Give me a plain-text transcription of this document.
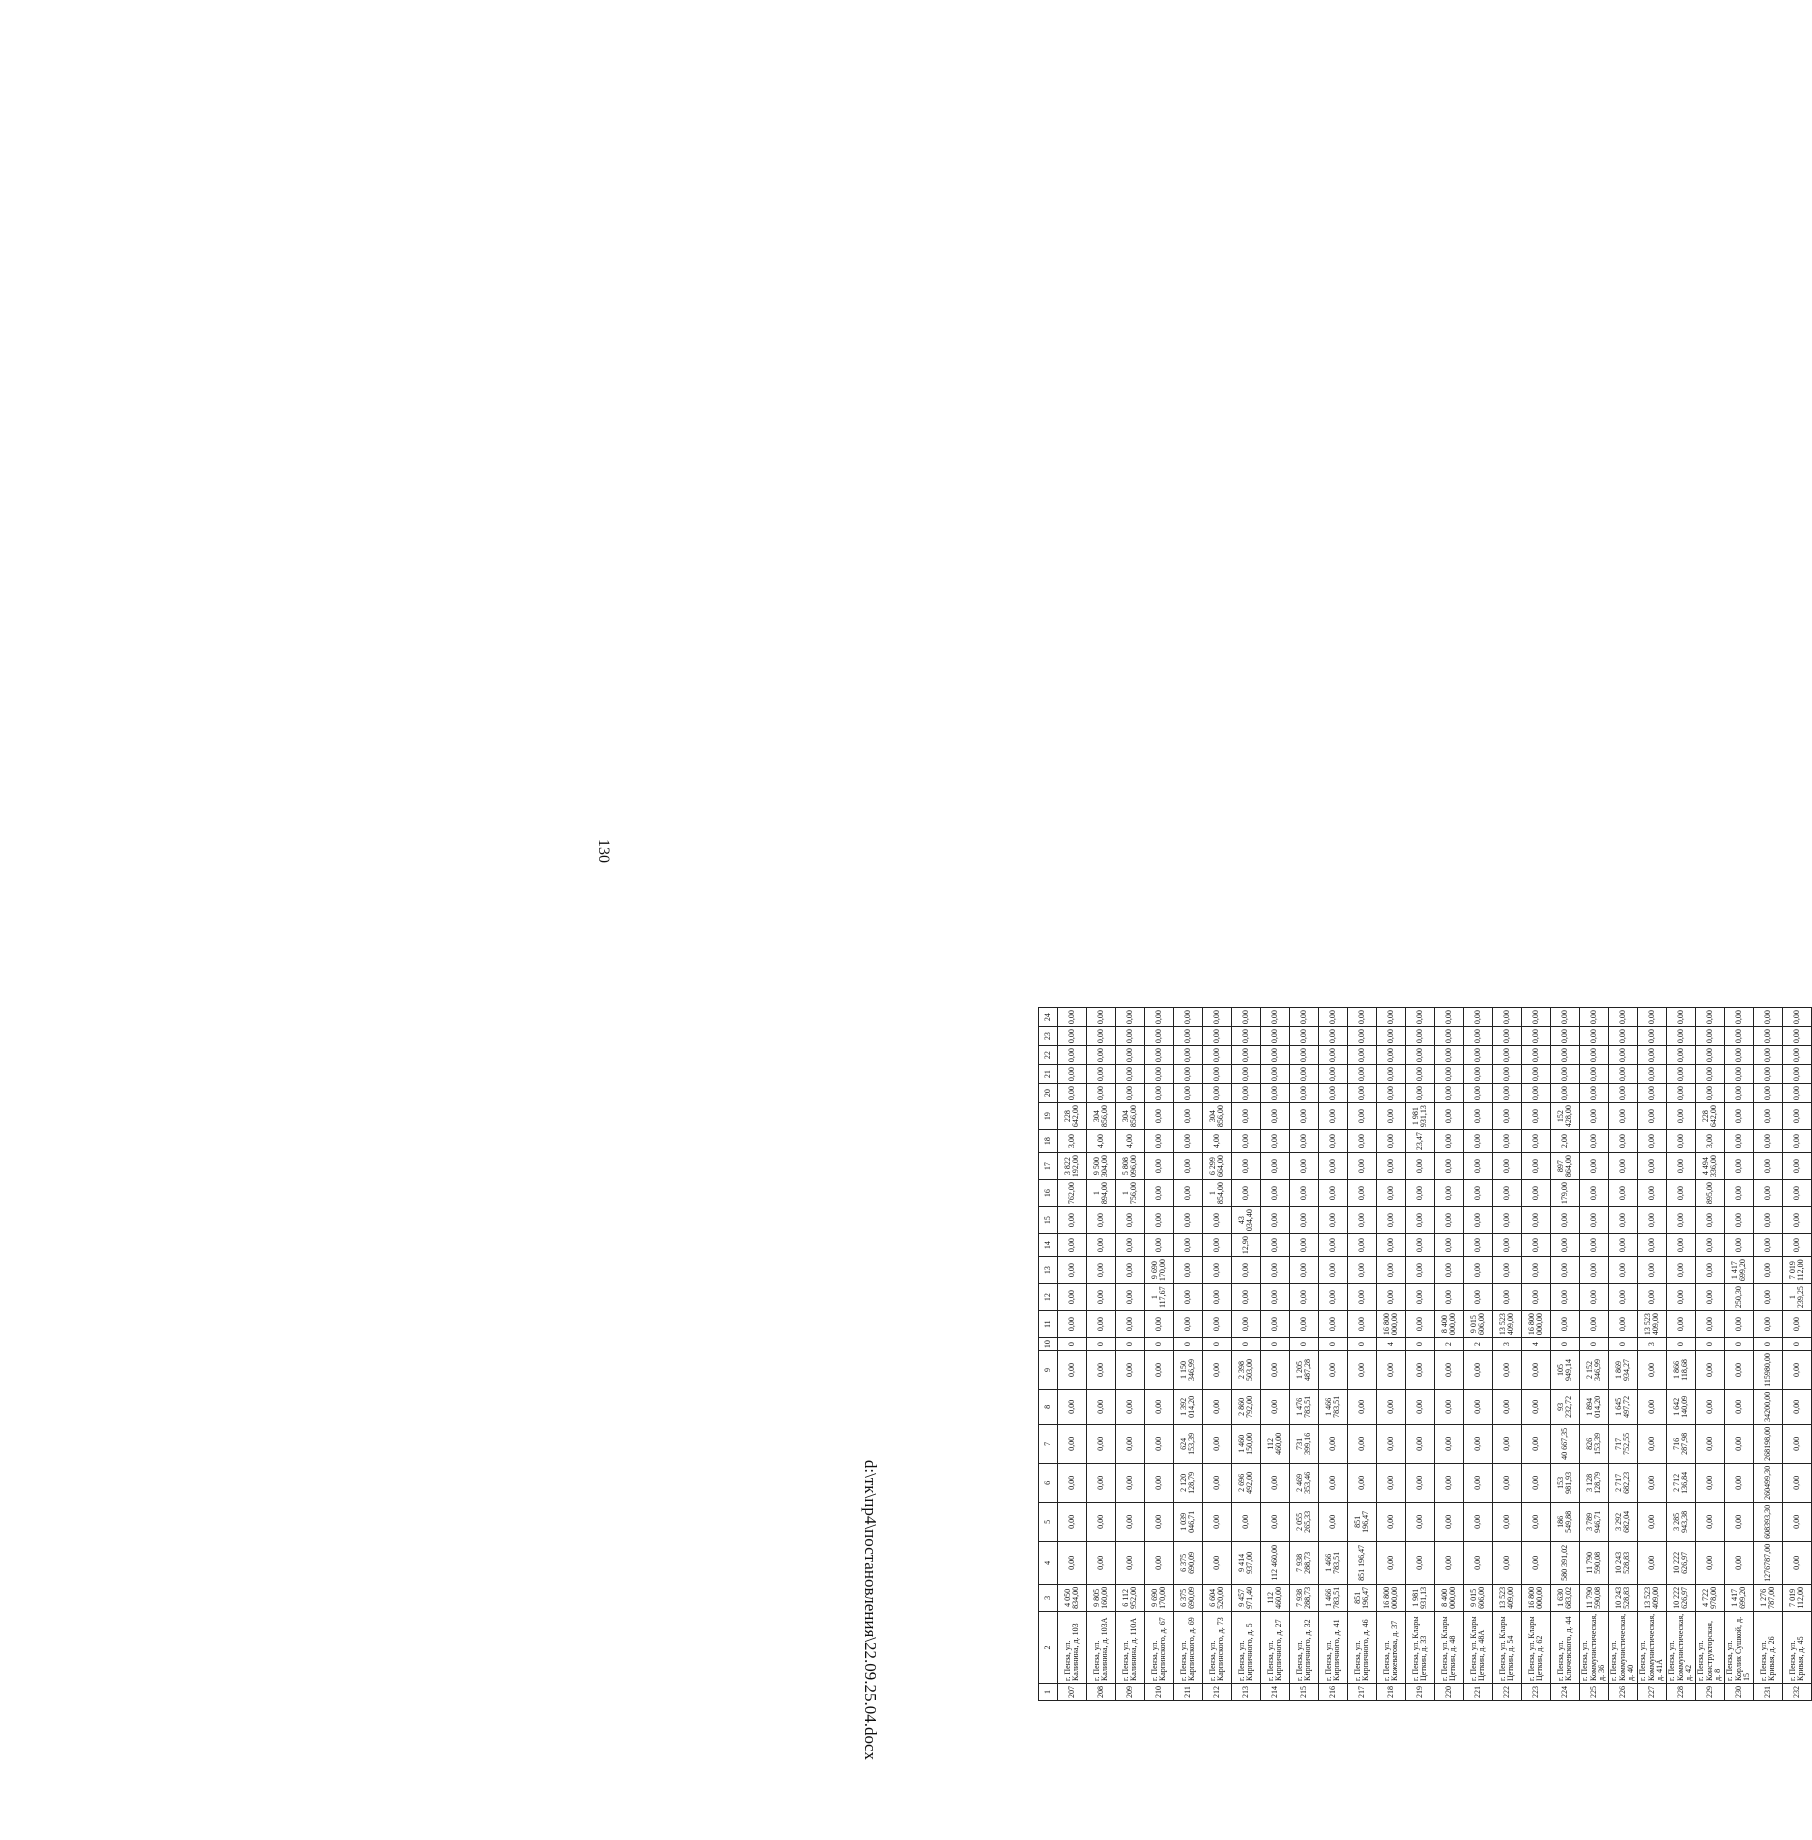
130
1	2	3	4	5	6	7	8	9	10	11	12	13	14	15	16	17	18	19	20	21	22	23	24
207	г. Пенза, ул. Калинина, д. 103	4 050 834,00	0,00	0,00	0,00	0,00	0,00	0,00	0	0,00	0,00	0,00	0,00	0,00	762,00	3 822 192,00	3,00	228 642,00	0,00	0,00	0,00	0,00	0,00
208	г. Пенза, ул. Калинина, д. 103А	9 805 160,00	0,00	0,00	0,00	0,00	0,00	0,00	0	0,00	0,00	0,00	0,00	0,00	1 894,00	9 500 304,00	4,00	304 856,00	0,00	0,00	0,00	0,00	0,00
209	г. Пенза, ул. Калинина, д. 110А	6 112 952,00	0,00	0,00	0,00	0,00	0,00	0,00	0	0,00	0,00	0,00	0,00	0,00	1 756,00	5 808 096,00	4,00	304 856,00	0,00	0,00	0,00	0,00	0,00
210	г. Пенза, ул. Карпинского, д. 67	9 690 170,00	0,00	0,00	0,00	0,00	0,00	0,00	0	0,00	1 117,67	9 690 170,00	0,00	0,00	0,00	0,00	0,00	0,00	0,00	0,00	0,00	0,00	0,00
211	г. Пенза, ул. Карпинского, д. 69	6 375 690,09	6 375 690,09	1 039 046,71	2 120 128,79	624 153,39	1 392 014,20	1 150 346,99	0	0,00	0,00	0,00	0,00	0,00	0,00	0,00	0,00	0,00	0,00	0,00	0,00	0,00	0,00
212	г. Пенза, ул. Карпинского, д. 73	6 604 520,00	0,00	0,00	0,00	0,00	0,00	0,00	0	0,00	0,00	0,00	0,00	0,00	1 854,00	6 299 664,00	4,00	304 856,00	0,00	0,00	0,00	0,00	0,00
213	г. Пенза, ул. Кирпичного, д. 5	9 457 971,40	9 414 937,00	0,00	2 696 492,00	1 460 150,00	2 860 792,00	2 398 503,00	0	0,00	0,00	0,00	12,90	43 034,40	0,00	0,00	0,00	0,00	0,00	0,00	0,00	0,00	0,00
214	г. Пенза, ул. Кирпичного, д. 27	112 460,00	112 460,00	0,00	0,00	112 460,00	0,00	0,00	0	0,00	0,00	0,00	0,00	0,00	0,00	0,00	0,00	0,00	0,00	0,00	0,00	0,00	0,00
215	г. Пенза, ул. Кирпичного, д. 32	7 938 288,73	7 938 288,73	2 055 265,33	2 469 353,46	731 399,16	1 476 783,51	1 205 487,28	0	0,00	0,00	0,00	0,00	0,00	0,00	0,00	0,00	0,00	0,00	0,00	0,00	0,00	0,00
216	г. Пенза, ул. Кирпичного, д. 41	1 466 783,51	1 466 783,51	0,00	0,00	0,00	1 466 783,51	0,00	0	0,00	0,00	0,00	0,00	0,00	0,00	0,00	0,00	0,00	0,00	0,00	0,00	0,00	0,00
217	г. Пенза, ул. Кирпичного, д. 46	851 196,47	851 196,47	851 196,47	0,00	0,00	0,00	0,00	0	0,00	0,00	0,00	0,00	0,00	0,00	0,00	0,00	0,00	0,00	0,00	0,00	0,00	0,00
218	г. Пенза, ул. Кижеватова, д. 37	16 800 000,00	0,00	0,00	0,00	0,00	0,00	0,00	4	16 800 000,00	0,00	0,00	0,00	0,00	0,00	0,00	0,00	0,00	0,00	0,00	0,00	0,00	0,00
219	г. Пенза, ул. Клары Цеткин, д. 33	1 981 931,13	0,00	0,00	0,00	0,00	0,00	0,00	0	0,00	0,00	0,00	0,00	0,00	0,00	0,00	23,47	1 981 931,13	0,00	0,00	0,00	0,00	0,00
220	г. Пенза, ул. Клары Цеткин, д. 48	8 400 000,00	0,00	0,00	0,00	0,00	0,00	0,00	2	8 400 000,00	0,00	0,00	0,00	0,00	0,00	0,00	0,00	0,00	0,00	0,00	0,00	0,00	0,00
221	г. Пенза, ул. Клары Цеткин, д. 48А	9 015 606,00	0,00	0,00	0,00	0,00	0,00	0,00	2	9 015 606,00	0,00	0,00	0,00	0,00	0,00	0,00	0,00	0,00	0,00	0,00	0,00	0,00	0,00
222	г. Пенза, ул. Клары Цеткин, д. 54	13 523 409,00	0,00	0,00	0,00	0,00	0,00	0,00	3	13 523 409,00	0,00	0,00	0,00	0,00	0,00	0,00	0,00	0,00	0,00	0,00	0,00	0,00	0,00
223	г. Пенза, ул. Клары Цеткин, д. 62	16 800 000,00	0,00	0,00	0,00	0,00	0,00	0,00	4	16 800 000,00	0,00	0,00	0,00	0,00	0,00	0,00	0,00	0,00	0,00	0,00	0,00	0,00	0,00
224	г. Пенза, ул. Ключевского, д. 44	1 630 683,02	580 391,02	186 549,88	153 981,93	40 667,35	93 232,72	105 949,14	0	0,00	0,00	0,00	0,00	0,00	179,00	897 864,00	2,00	152 428,00	0,00	0,00	0,00	0,00	0,00
225	г. Пенза, ул. Коммунистическая, д. 36	11 790 590,08	11 790 590,08	3 789 946,71	3 128 128,79	826 153,39	1 894 014,20	2 152 346,99	0	0,00	0,00	0,00	0,00	0,00	0,00	0,00	0,00	0,00	0,00	0,00	0,00	0,00	0,00
226	г. Пенза, ул. Коммунистическая, д. 40	10 243 528,83	10 243 528,83	3 292 682,04	2 717 682,23	717 752,55	1 645 497,72	1 869 934,27	0	0,00	0,00	0,00	0,00	0,00	0,00	0,00	0,00	0,00	0,00	0,00	0,00	0,00	0,00
227	г. Пенза, ул. Коммунистическая, д. 41А	13 523 409,00	0,00	0,00	0,00	0,00	0,00	0,00	3	13 523 409,00	0,00	0,00	0,00	0,00	0,00	0,00	0,00	0,00	0,00	0,00	0,00	0,00	0,00
228	г. Пенза, ул. Коммунистическая, д. 42	10 222 626,97	10 222 626,97	3 285 943,38	2 712 136,84	716 287,98	1 642 140,09	1 866 118,68	0	0,00	0,00	0,00	0,00	0,00	0,00	0,00	0,00	0,00	0,00	0,00	0,00	0,00	0,00
229	г. Пенза, ул. Конструкторская, д. 8	4 722 978,00	0,00	0,00	0,00	0,00	0,00	0,00	0	0,00	0,00	0,00	0,00	0,00	895,00	4 494 336,00	3,00	228 642,00	0,00	0,00	0,00	0,00	0,00
230	г. Пенза, ул. Корлик Сушкой, д. 15	1 417 699,20	0,00	0,00	0,00	0,00	0,00	0,00	0	0,00	250,30	1 417 699,20	0,00	0,00	0,00	0,00	0,00	0,00	0,00	0,00	0,00	0,00	0,00
231	г. Пенза, ул. Кривая, д. 26	1 276 787,00	1276787,00	608393,30	260499,30	268198,00	34200,00	115980,00	0	0,00	0,00	0,00	0,00	0,00	0,00	0,00	0,00	0,00	0,00	0,00	0,00	0,00	0,00
232	г. Пенза, ул. Кривая, д. 45	7 019 112,00	0,00	0,00	0,00	0,00	0,00	0,00	0	0,00	1 239,25	7 019 112,00	0,00	0,00	0,00	0,00	0,00	0,00	0,00	0,00	0,00	0,00	0,00
d:\тк\пр4\постановления\22.09.25.04.docx
